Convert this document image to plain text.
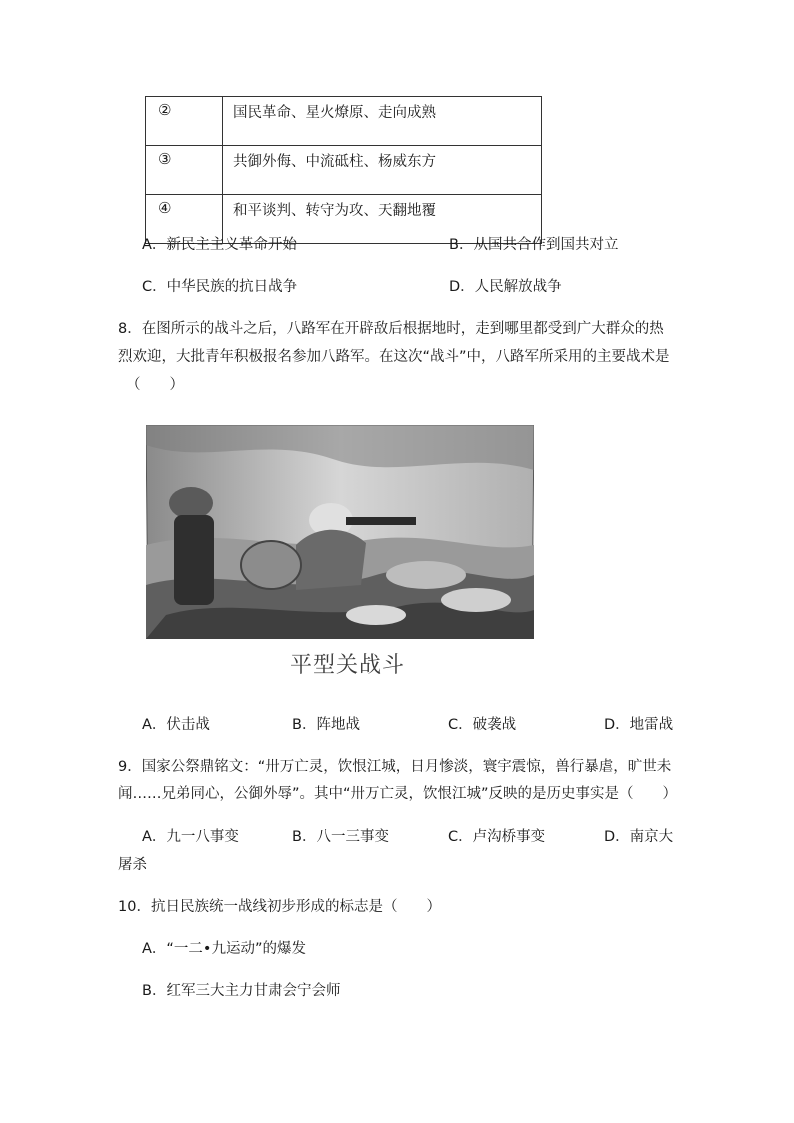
②	国民革命、星火燎原、走向成熟
③	共御外侮、中流砥柱、杨威东方
④	和平谈判、转守为攻、天翻地覆
A．新民主主义革命开始	B．从国共合作到国共对立
C．中华民族的抗日战争	D．人民解放战争
8．在图所示的战斗之后，八路军在开辟敌后根据地时，走到哪里都受到广大群众的热
烈欢迎，大批青年积极报名参加八路军。在这次“战斗”中，八路军所采用的主要战术是
（　　）
平型关战斗
A．伏击战	B．阵地战	C．破袭战	D．地雷战
9．国家公祭鼎铭文：“卅万亡灵，饮恨江城，日月惨淡，寰宇震惊，兽行暴虐，旷世未
闻……兄弟同心，公御外辱”。其中“卅万亡灵，饮恨江城”反映的是历史事实是（　　）
A．九一八事变	B．八一三事变	C．卢沟桥事变	D．南京大
屠杀
10．抗日民族统一战线初步形成的标志是（　　）
A．“一二•九运动”的爆发
B．红军三大主力甘肃会宁会师
